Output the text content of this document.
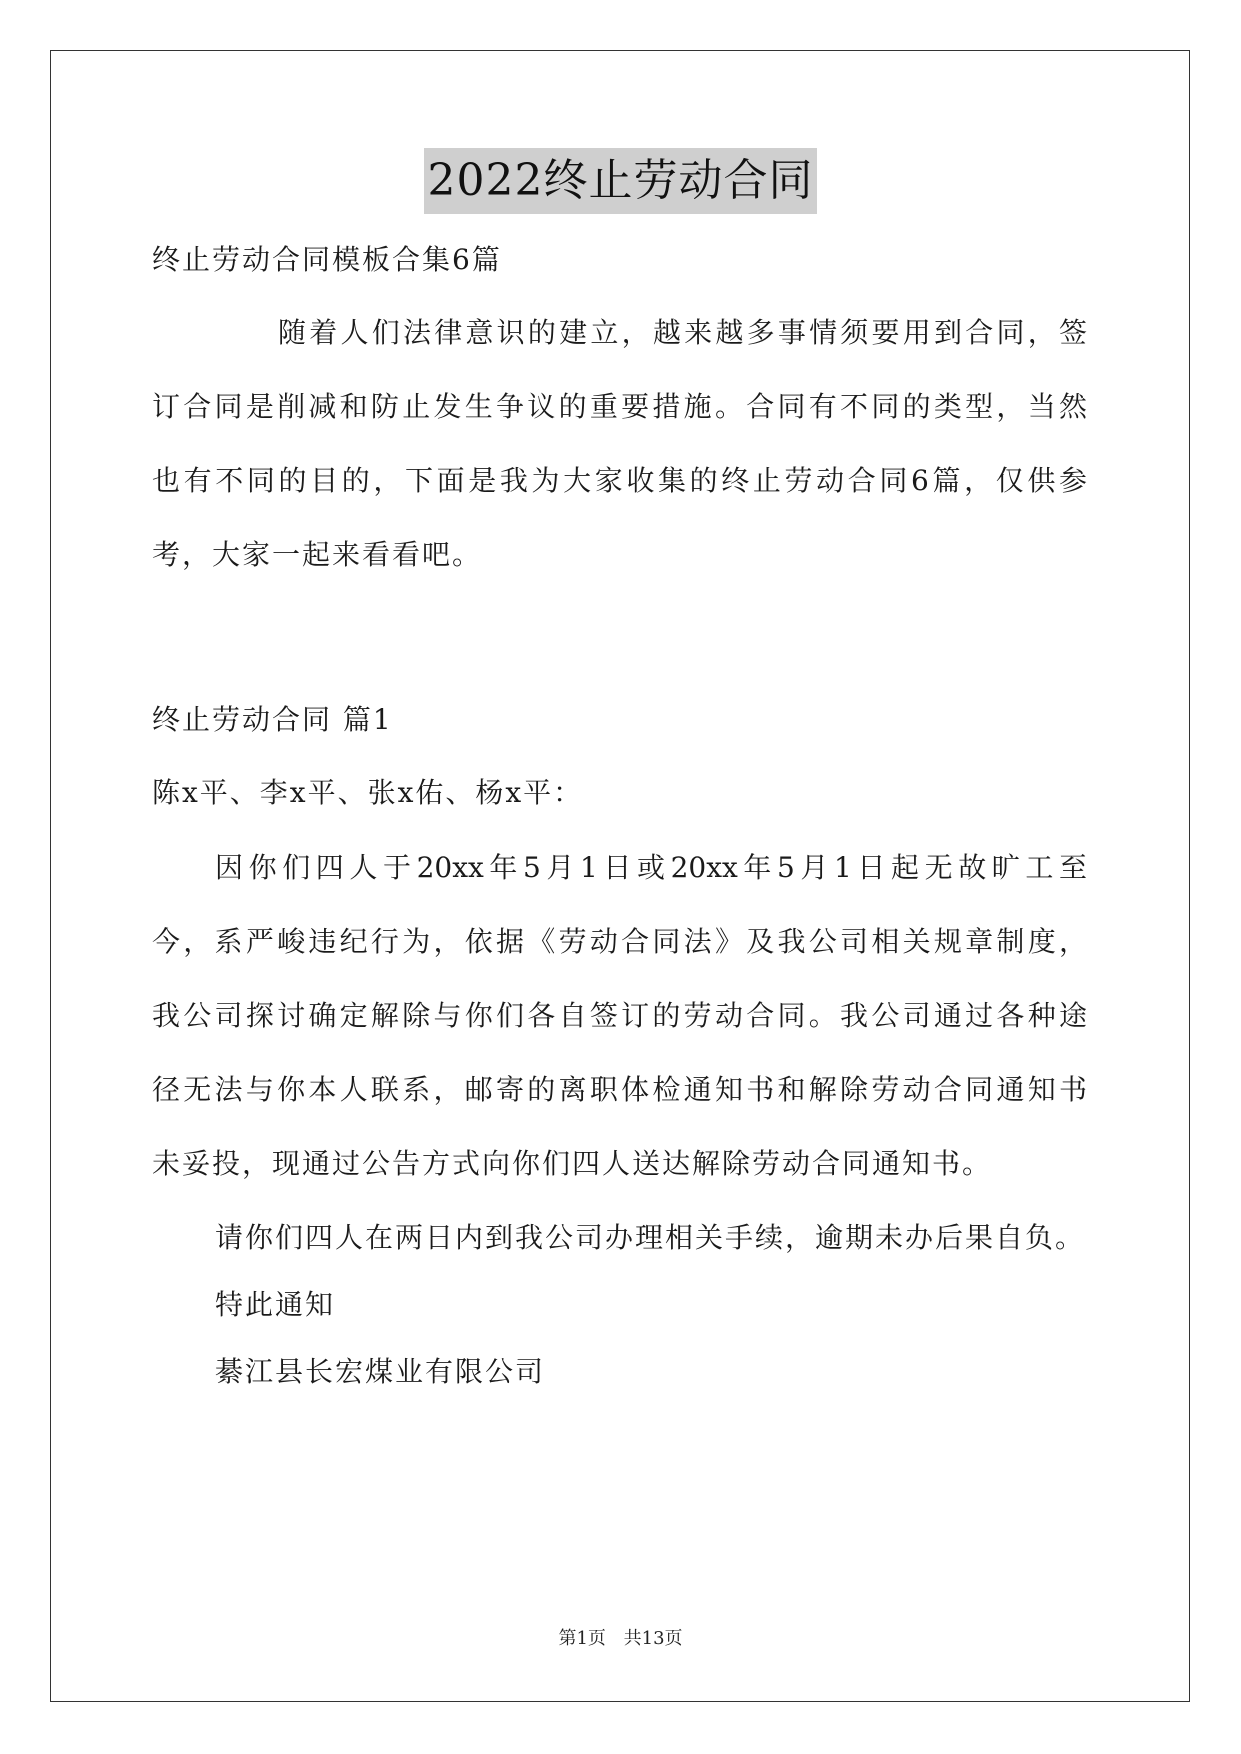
2022终止劳动合同
终止劳动合同模板合集6篇
随着人们法律意识的建立，越来越多事情须要用到合同，签
订合同是削减和防止发生争议的重要措施。合同有不同的类型，当然
也有不同的目的，下面是我为大家收集的终止劳动合同6篇，仅供参
考，大家一起来看看吧。
终止劳动合同 篇1
陈x平、李x平、张x佑、杨x平：
因你们四人于20xx年5月1日或20xx年5月1日起无故旷工至
今，系严峻违纪行为，依据《劳动合同法》及我公司相关规章制度，
我公司探讨确定解除与你们各自签订的劳动合同。我公司通过各种途
径无法与你本人联系，邮寄的离职体检通知书和解除劳动合同通知书
未妥投，现通过公告方式向你们四人送达解除劳动合同通知书。
请你们四人在两日内到我公司办理相关手续，逾期未办后果自负。
特此通知
綦江县长宏煤业有限公司
第1页 共13页
